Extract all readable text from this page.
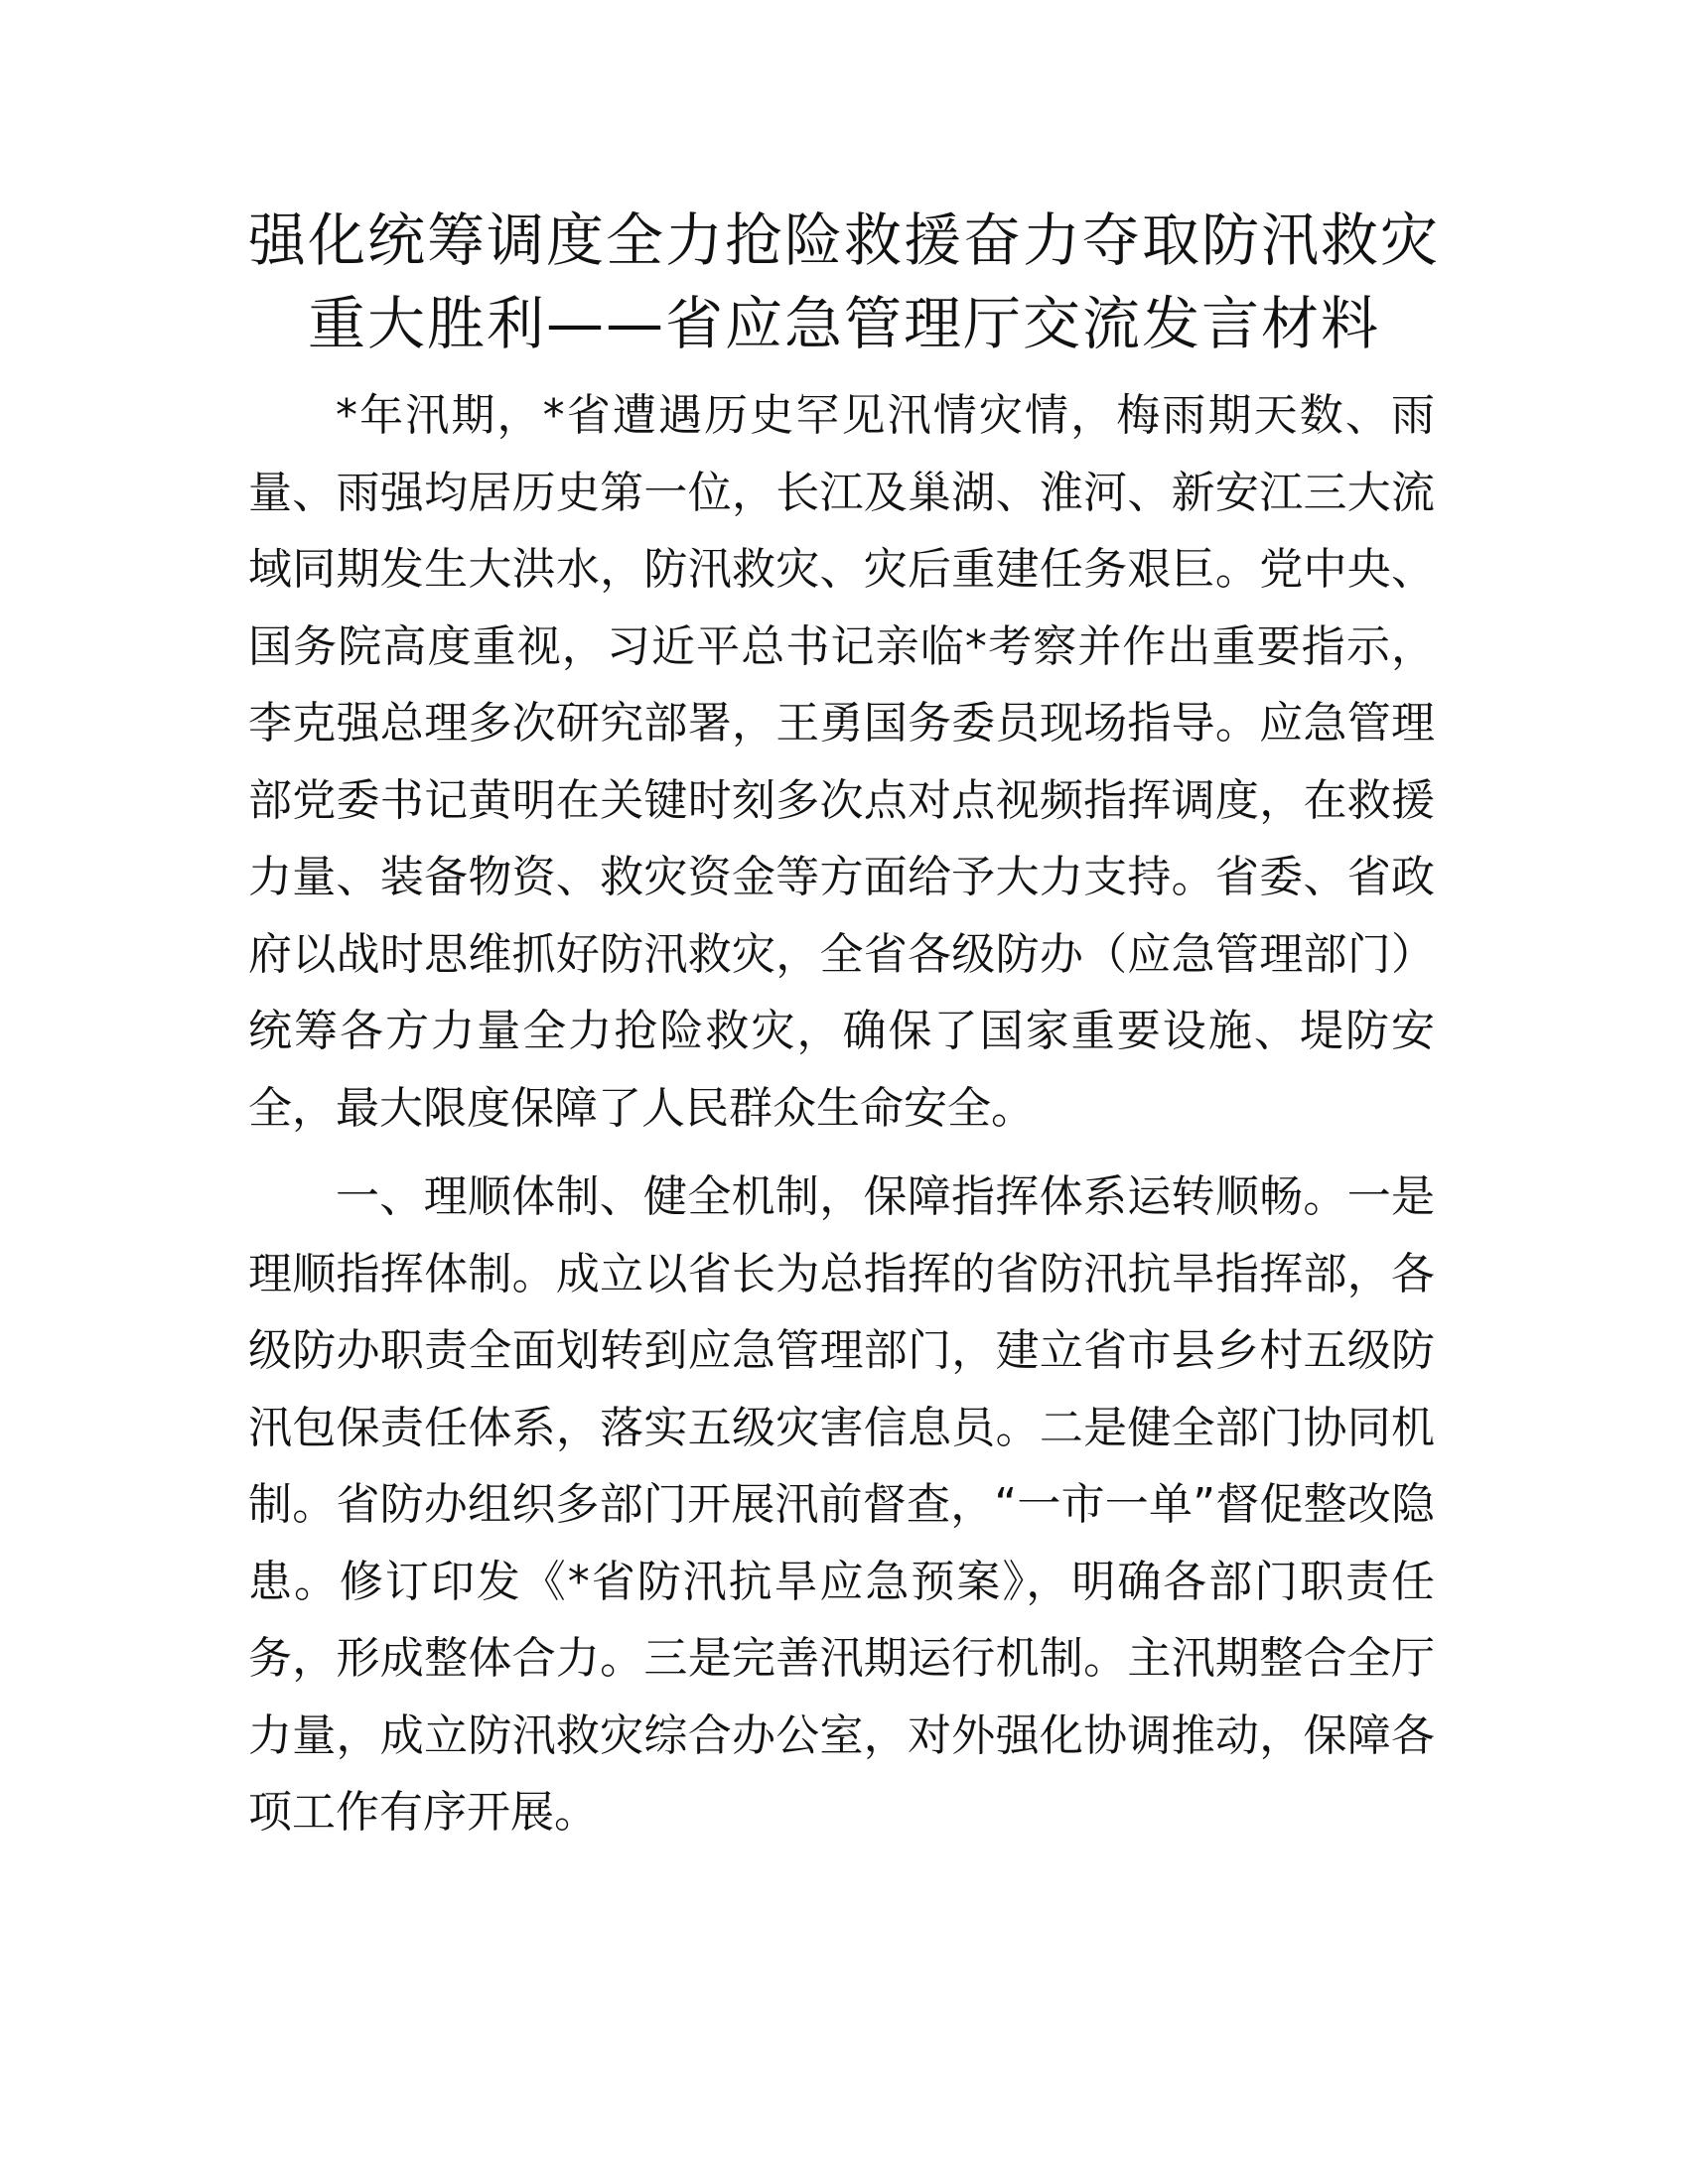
强化统筹调度全力抢险救援奋力夺取防汛救灾
重大胜利——省应急管理厅交流发言材料

*年汛期，*省遭遇历史罕见汛情灾情，梅雨期天数、雨量、雨强均居历史第一位，长江及巢湖、淮河、新安江三大流域同期发生大洪水，防汛救灾、灾后重建任务艰巨。党中央、国务院高度重视，习近平总书记亲临*考察并作出重要指示，李克强总理多次研究部署，王勇国务委员现场指导。应急管理部党委书记黄明在关键时刻多次点对点视频指挥调度，在救援力量、装备物资、救灾资金等方面给予大力支持。省委、省政府以战时思维抓好防汛救灾，全省各级防办（应急管理部门）统筹各方力量全力抢险救灾，确保了国家重要设施、堤防安全，最大限度保障了人民群众生命安全。

一、理顺体制、健全机制，保障指挥体系运转顺畅。一是理顺指挥体制。成立以省长为总指挥的省防汛抗旱指挥部，各级防办职责全面划转到应急管理部门，建立省市县乡村五级防汛包保责任体系，落实五级灾害信息员。二是健全部门协同机制。省防办组织多部门开展汛前督查，“一市一单”督促整改隐患。修订印发《*省防汛抗旱应急预案》，明确各部门职责任务，形成整体合力。三是完善汛期运行机制。主汛期整合全厅力量，成立防汛救灾综合办公室，对外强化协调推动，保障各项工作有序开展。
